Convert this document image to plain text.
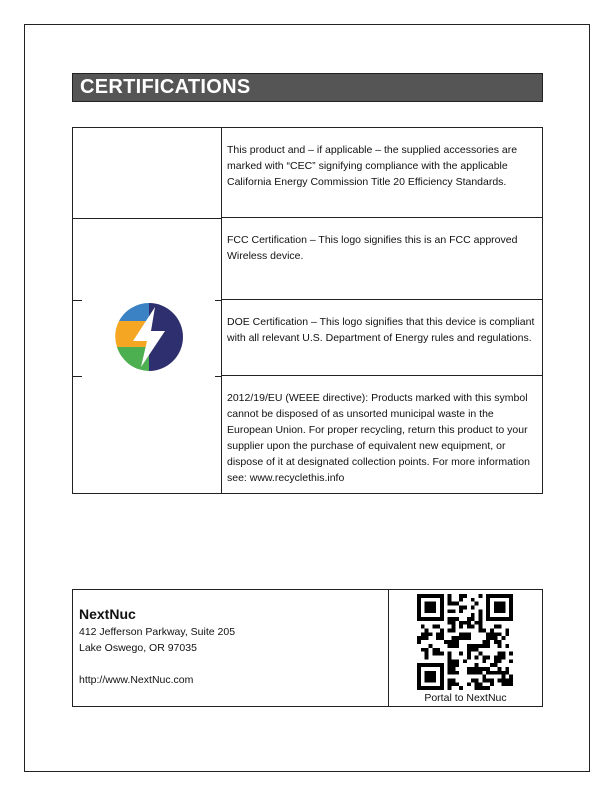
CERTIFICATIONS
This product and – if applicable – the supplied accessories are marked with “CEC” signifying compliance with the applicable California Energy Commission Title 20 Efficiency Standards.
FCC Certification – This logo signifies this is an FCC approved Wireless device.
DOE Certification – This logo signifies that this device is compliant with all relevant U.S. Department of Energy rules and regulations.
2012/19/EU (WEEE directive): Products marked with this symbol cannot be disposed of as unsorted municipal waste in the European Union. For proper recycling, return this product to your supplier upon the purchase of equivalent new equipment, or dispose of it at designated collection points. For more information see: www.recyclethis.info
NextNuc
412 Jefferson Parkway, Suite 205
Lake Oswego, OR 97035
http://www.NextNuc.com
Portal to NextNuc
